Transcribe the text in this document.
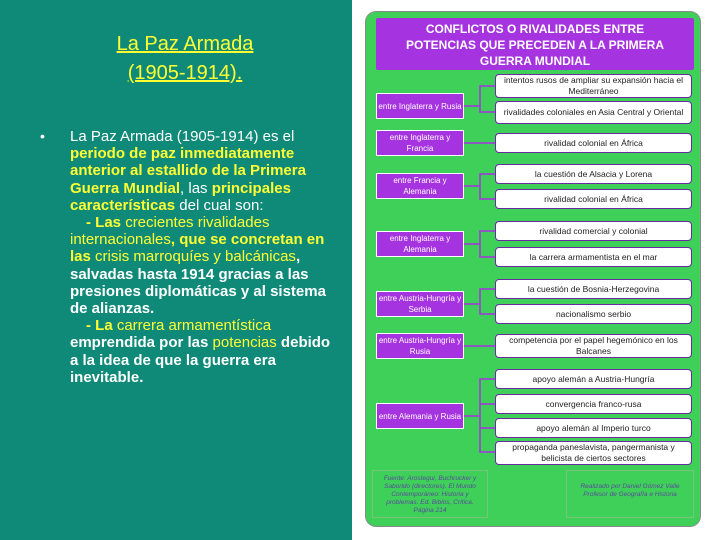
La Paz Armada
(1905-1914).
• La Paz Armada (1905-1914) es el periodo de paz inmediatamente anterior al estallido de la Primera Guerra Mundial, las principales características del cual son:
- Las crecientes rivalidades internacionales, que se concretan en las crisis marroquíes y balcánicas, salvadas hasta 1914 gracias a las presiones diplomáticas y al sistema de alianzas.
- La carrera armamentística emprendida por las potencias debido a la idea de que la guerra era inevitable.
CONFLICTOS O RIVALIDADES ENTRE
POTENCIAS QUE PRECEDEN A LA PRIMERA
GUERRA MUNDIAL
entre Inglaterra y Rusia
entre Inglaterra y Francia
entre Francia y Alemania
entre Inglaterra y Alemania
entre Austria-Hungría y Serbia
entre Austria-Hungría y Rusia
entre Alemania y Rusia
intentos rusos de ampliar su expansión hacia el Mediterráneo
rivalidades coloniales en Asia Central y Oriental
rivalidad colonial en África
la cuestión de Alsacia y Lorena
rivalidad colonial en África
rivalidad comercial y colonial
la carrera armamentista en el mar
la cuestión de Bosnia-Herzegovina
nacionalismo serbio
competencia por el papel hegemónico en los Balcanes
apoyo alemán a Austria-Hungría
convergencia franco-rusa
apoyo alemán al Imperio turco
propaganda paneslavista, pangermanista y belicista de ciertos sectores
Fuente: Arostegui, Buchrucker y Saborido (directores). El Mundo Contemporáneo: Historia y problemas. Ed. Biblos, Crítica. Página 214
Realizado por Daniel Gómez Valle Profesor de Geografía e Historia
